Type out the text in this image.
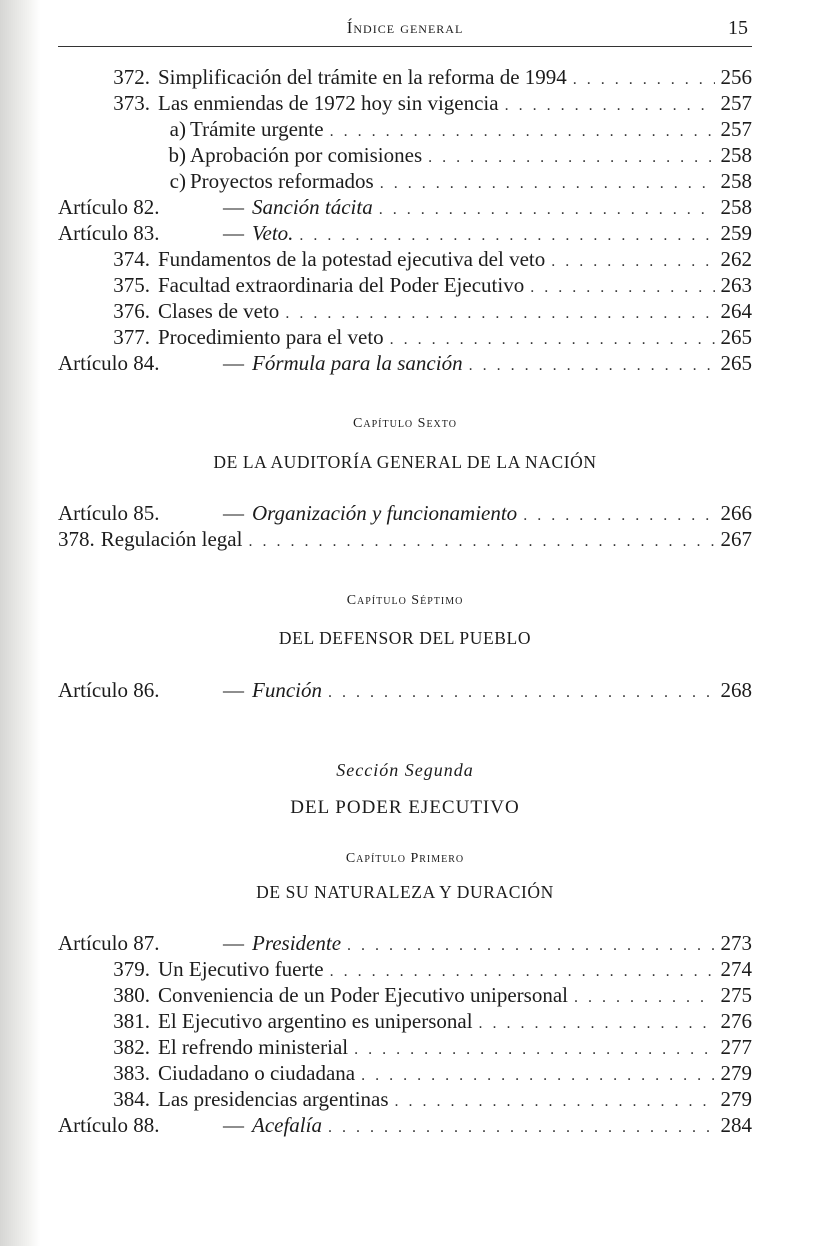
Índice general	15
372. Simplificación del trámite en la reforma de 1994 . . .	256
373. Las enmiendas de 1972 hoy sin vigencia . . .	257
a) Trámite urgente . . .	257
b) Aprobación por comisiones . . .	258
c) Proyectos reformados . . .	258
Artículo 82.	— Sanción tácita . . .	258
Artículo 83.	— Veto. . . .	259
374. Fundamentos de la potestad ejecutiva del veto . . .	262
375. Facultad extraordinaria del Poder Ejecutivo . . .	263
376. Clases de veto . . .	264
377. Procedimiento para el veto . . .	265
Artículo 84.	— Fórmula para la sanción . . .	265
Capítulo Sexto
DE LA AUDITORÍA GENERAL DE LA NACIÓN
Artículo 85.	— Organización y funcionamiento . . .	266
378. Regulación legal . . .	267
Capítulo Séptimo
DEL DEFENSOR DEL PUEBLO
Artículo 86.	— Función . . .	268
Sección Segunda
DEL PODER EJECUTIVO
Capítulo Primero
DE SU NATURALEZA Y DURACIÓN
Artículo 87.	— Presidente . . .	273
379. Un Ejecutivo fuerte . . .	274
380. Conveniencia de un Poder Ejecutivo unipersonal . . .	275
381. El Ejecutivo argentino es unipersonal . . .	276
382. El refrendo ministerial . . .	277
383. Ciudadano o ciudadana . . .	279
384. Las presidencias argentinas . . .	279
Artículo 88.	— Acefalía . . .	284
